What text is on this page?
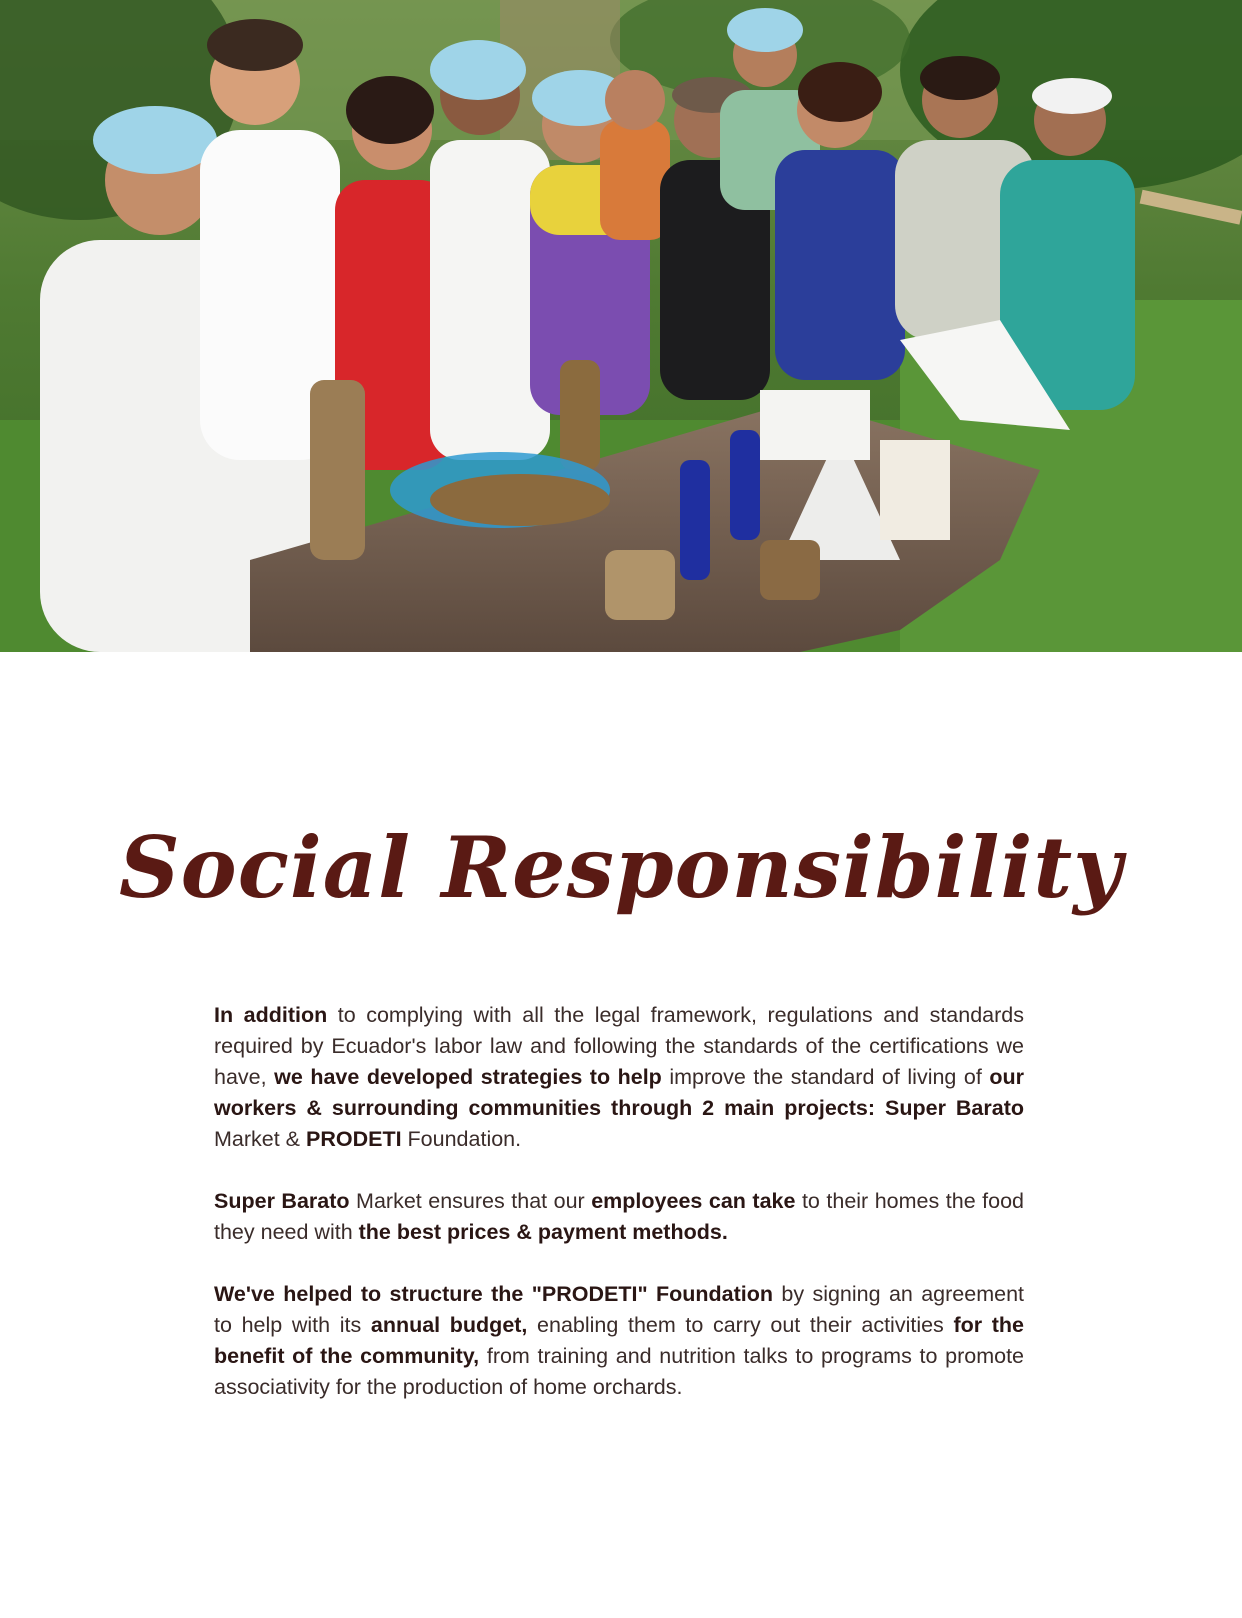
Social Responsibility

In addition to complying with all the legal framework, regulations and standards required by Ecuador's labor law and following the standards of the certifications we have, we have developed strategies to help improve the standard of living of our workers & surrounding communities through 2 main projects: Super Barato Market & PRODETI Foundation.

Super Barato Market ensures that our employees can take to their homes the food they need with the best prices & payment methods.

We've helped to structure the "PRODETI" Foundation by signing an agreement to help with its annual budget, enabling them to carry out their activities for the benefit of the community, from training and nutrition talks to programs to promote associativity for the production of home orchards.
